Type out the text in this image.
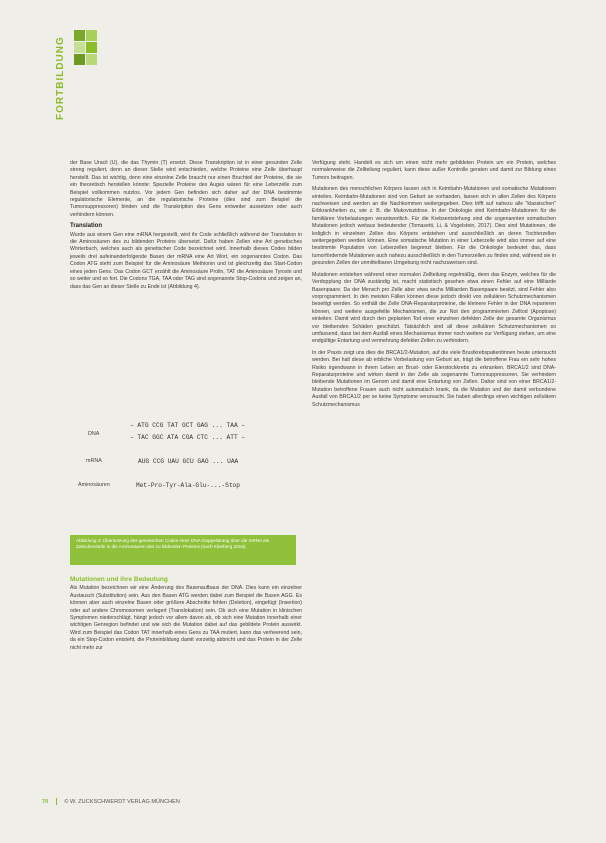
FORTBILDUNG

der Base Uracil (U), die das Thymin (T) ersetzt. Diese Transkription ist in einer gesunden Zelle streng reguliert, denn an dieser Stelle wird entschieden, welche Proteine eine Zelle überhaupt herstellt. Das ist wichtig, denn eine einzelne Zelle braucht nur einen Bruchteil der Proteine, die sie ein theoretisch herstellen könnte: Spezielle Proteine des Auges wären für eine Leberzelle zum Beispiel vollkommen nutzlos. Vor jedem Gen befinden sich daher auf der DNA bestimmte regulatorische Elemente, an die regulatorische Proteine (dies sind zum Beispiel die Tumorsuppressoren) binden und die Transkription des Gens entweder aussetzen oder auch verhindern können.

Translation

Wurde aus einem Gen eine mRNA hergestellt, wird ihr Code schließlich während der Translation in die Aminosäuren des zu bildenden Proteins übersetzt. Dafür haben Zellen eine Art genetisches Wörterbuch, welches auch als genetischer Code bezeichnet wird. Innerhalb dieses Codes bilden jeweils drei aufeinanderfolgende Basen der mRNA eine Art Wort, ein sogenanntes Codon. Das Codon ATG steht zum Beispiel für die Aminosäure Methionin und ist gleichzeitig das Start-Codon eines jeden Gens. Das Codon GCT erzählt die Aminosäure Prolin, TAT die Aminosäure Tyrosin und so weiter und so fort. Die Codons TGA, TAA oder TAG sind sogenannte Stop-Codons und zeigen an, dass das Gen an dieser Stelle zu Ende ist (Abbildung 4).

DNA
– ATG CCG TAT GCT GAG ... TAA –
– TAC GGC ATA CGA CTC ... ATT –
mRNA	AUG CCG UAU GCU GAG ... UAA
Aminosäuren	Met-Pro-Tyr-Ala-Glu-...-Stop
Abbildung 4: Übersetzung des genetischen Codes einer DNA-Doppelstrang über die mRNA als Zwischenstufe in die Aminosäuren des zu bildenden Proteins (nach Kleeberg 2016).
Mutationen und ihre Bedeutung

Als Mutation bezeichnen wir eine Änderung des Basenaufbaus der DNA. Dies kann ein einzelner Austausch (Substitution) sein. Aus den Basen ATG werden dabei zum Beispiel die Basen AGG. Es können aber auch einzelne Basen oder größere Abschnitte fehlen (Deletion), eingefügt (Insertion) oder auf andere Chromosomen verlagert (Translokation) sein. Ob sich eine Mutation in klinischen Symptomen niederschlägt, hängt jedoch vor allem davon ab, ob sich eine Mutation innerhalb einer wichtigen Genregion befindet und wie sich die Mutation dabei auf das gebildete Protein auswirkt. Wird zum Beispiel das Codon TAT innerhalb eines Gens zu TAA mutiert, kann das verheerend sein, da ein Stop-Codon entsteht, die Proteinbildung damit vorzeitig abbricht und das Protein in der Zelle nicht mehr zur

Verfügung steht. Handelt es sich um einen nicht mehr gebildeten Protein um ein Protein, welches normalerweise die Zellteilung reguliert, kann diese außer Kontrolle geraten und damit zur Bildung eines Tumors beitragen.

Mutationen des menschlichen Körpers lassen sich in Keimbahn-Mutationen und somatische Mutationen einteilen. Keimbahn-Mutationen sind von Geburt an vorhanden, lassen sich in allen Zellen des Körpers nachweisen und werden an die Nachkommen weitergegeben. Dies trifft auf nahezu alle "klassischen" Erbkrankheiten zu, wie z. B. die Mukoviszidose. In der Onkologie sind Keimbahn-Mutationen für die familiären Vorbelastungen verantwortlich. Für die Krebsentstehung sind die sogenannten somatischen Mutationen jedoch weitaus bedeutender (Tomasetti, Li, & Vogelstein, 2017). Dies sind Mutationen, die lediglich in einzelnen Zellen des Körpers entstehen und ausschließlich an deren Tochterzellen weitergegeben werden können. Eine somatische Mutation in einer Leberzelle wird also immer auf eine bestimmte Population von Leberzellen begrenzt bleiben. Für die Onkologie bedeutet das, dass tumorfördernde Mutationen auch nahezu ausschließlich in den Tumorzellen zu finden sind, während sie in gesunden Zellen der unmittelbaren Umgebung nicht nachzuweisen sind.

Mutationen entstehen während einer normalen Zellteilung regelmäßig, denn das Enzym, welches für die Verdopplung der DNA zuständig ist, macht statistisch gesehen etwa einen Fehler auf eine Milliarde Basenpaare. Da der Mensch pro Zelle aber etwa sechs Milliarden Basenpaare besitzt, sind Fehler also vorprogrammiert. In den meisten Fällen können diese jedoch direkt von zellulären Schutzmechanismen beseitigt werden. So enthält die Zelle DNA-Reparaturproteine, die kleinere Fehler in der DNA reparieren können, und weitere ausgefeilte Mechanismen, die zur Not den programmierten Zelltod (Apoptose) einleiten. Damit wird durch den geplanten Tod einer einzelnen defekten Zelle der gesamte Organismus vor bleibenden Schäden geschützt. Tatsächlich sind all diese zellulären Schutzmechanismen so umfassend, dass bei dem Ausfall eines Mechanismus immer noch weitere zur Verfügung stehen, um eine endgültige Entartung und vermehrung defekter Zellen zu verhindern.

In der Praxis zeigt uns dies die BRCA1/2-Mutation, auf die viele Brustkrebspatientinnen heute untersucht werden. Bei halt diese ab erbliche Vorbelastung von Geburt an, trägt die betroffene Frau ein sehr hohes Risiko irgendwann in ihrem Leben an Brust- oder Eierstockkrebs zu erkranken. BRCA1/2 sind DNA-Reparaturproteine und wirken damit in der Zelle als sogenannte Tumorsuppressoren. Sie verhindern bleibende Mutationen im Genom und damit eine Entartung von Zellen. Daher sind von einer BRCA1/2-Mutation betroffene Frauen auch nicht automatisch krank, da die Mutation und der damit verbundene Ausfall von BRCA1/2 per se keine Symptome verursacht. Sie haben allerdings einen wichtigen zellulären Schutzmechanismus

70	© W. ZUCKSCHWERDT VERLAG MÜNCHEN
